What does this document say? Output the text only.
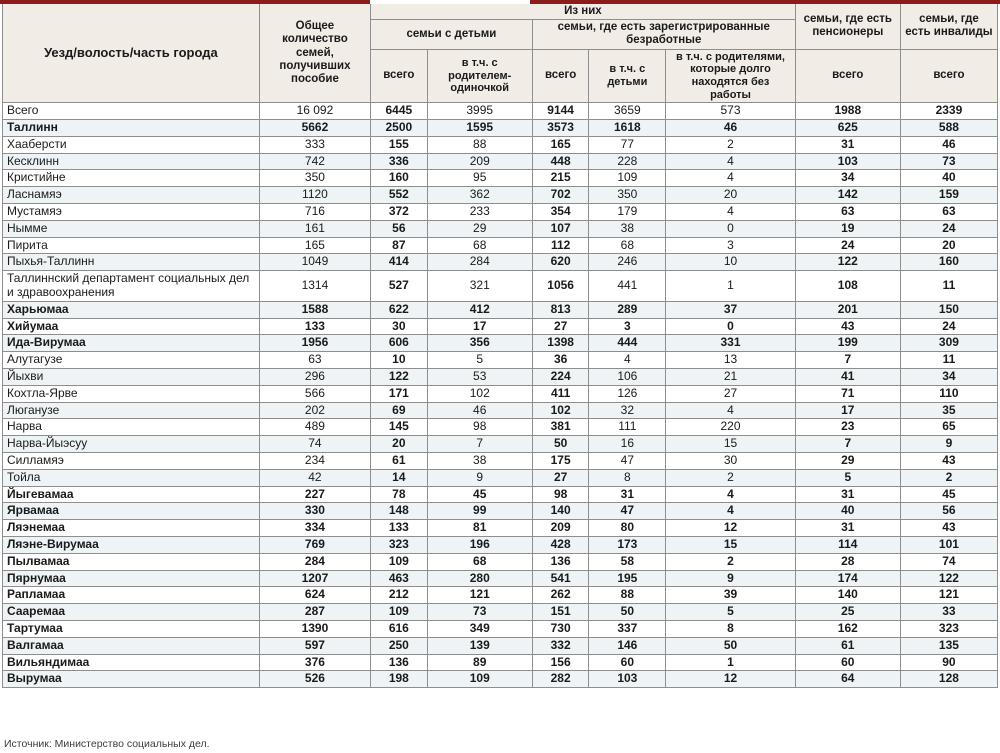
Уезд/волость/часть города	Общее количество семей, получивших пособие	Из них					семьи, где есть пенсионеры	семьи, где есть инвалиды
		семьи с детьми		семьи, где есть зарегистрированные безработные				
		всего	в т.ч. с родителем-одиночкой	всего	в т.ч. с детьми	в т.ч. с родителями, которые долго находятся без работы	всего	всего
Всего	16 092	6445	3995	9144	3659	573	1988	2339
Таллинн	5662	2500	1595	3573	1618	46	625	588
Хааберсти	333	155	88	165	77	2	31	46
Кесклинн	742	336	209	448	228	4	103	73
Кристийне	350	160	95	215	109	4	34	40
Ласнамяэ	1120	552	362	702	350	20	142	159
Мустамяэ	716	372	233	354	179	4	63	63
Нымме	161	56	29	107	38	0	19	24
Пирита	165	87	68	112	68	3	24	20
Пыхья-Таллинн	1049	414	284	620	246	10	122	160
Таллиннский департамент социальных дел и здравоохранения	1314	527	321	1056	441	1	108	11
Харьюмаа	1588	622	412	813	289	37	201	150
Хийумаа	133	30	17	27	3	0	43	24
Ида-Вирумаа	1956	606	356	1398	444	331	199	309
Алутагузе	63	10	5	36	4	13	7	11
Йыхви	296	122	53	224	106	21	41	34
Кохтла-Ярве	566	171	102	411	126	27	71	110
Люганузе	202	69	46	102	32	4	17	35
Нарва	489	145	98	381	111	220	23	65
Нарва-Йыэсуу	74	20	7	50	16	15	7	9
Силламяэ	234	61	38	175	47	30	29	43
Тойла	42	14	9	27	8	2	5	2
Йыгевамаа	227	78	45	98	31	4	31	45
Ярвамаа	330	148	99	140	47	4	40	56
Ляэнемаа	334	133	81	209	80	12	31	43
Ляэне-Вирумаа	769	323	196	428	173	15	114	101
Пылвамаа	284	109	68	136	58	2	28	74
Пярнумаа	1207	463	280	541	195	9	174	122
Рапламаа	624	212	121	262	88	39	140	121
Сааремаа	287	109	73	151	50	5	25	33
Тартумаа	1390	616	349	730	337	8	162	323
Валгамаа	597	250	139	332	146	50	61	135
Вильяндимаа	376	136	89	156	60	1	60	90
Вырумаа	526	198	109	282	103	12	64	128
Источник: Министерство социальных дел.
